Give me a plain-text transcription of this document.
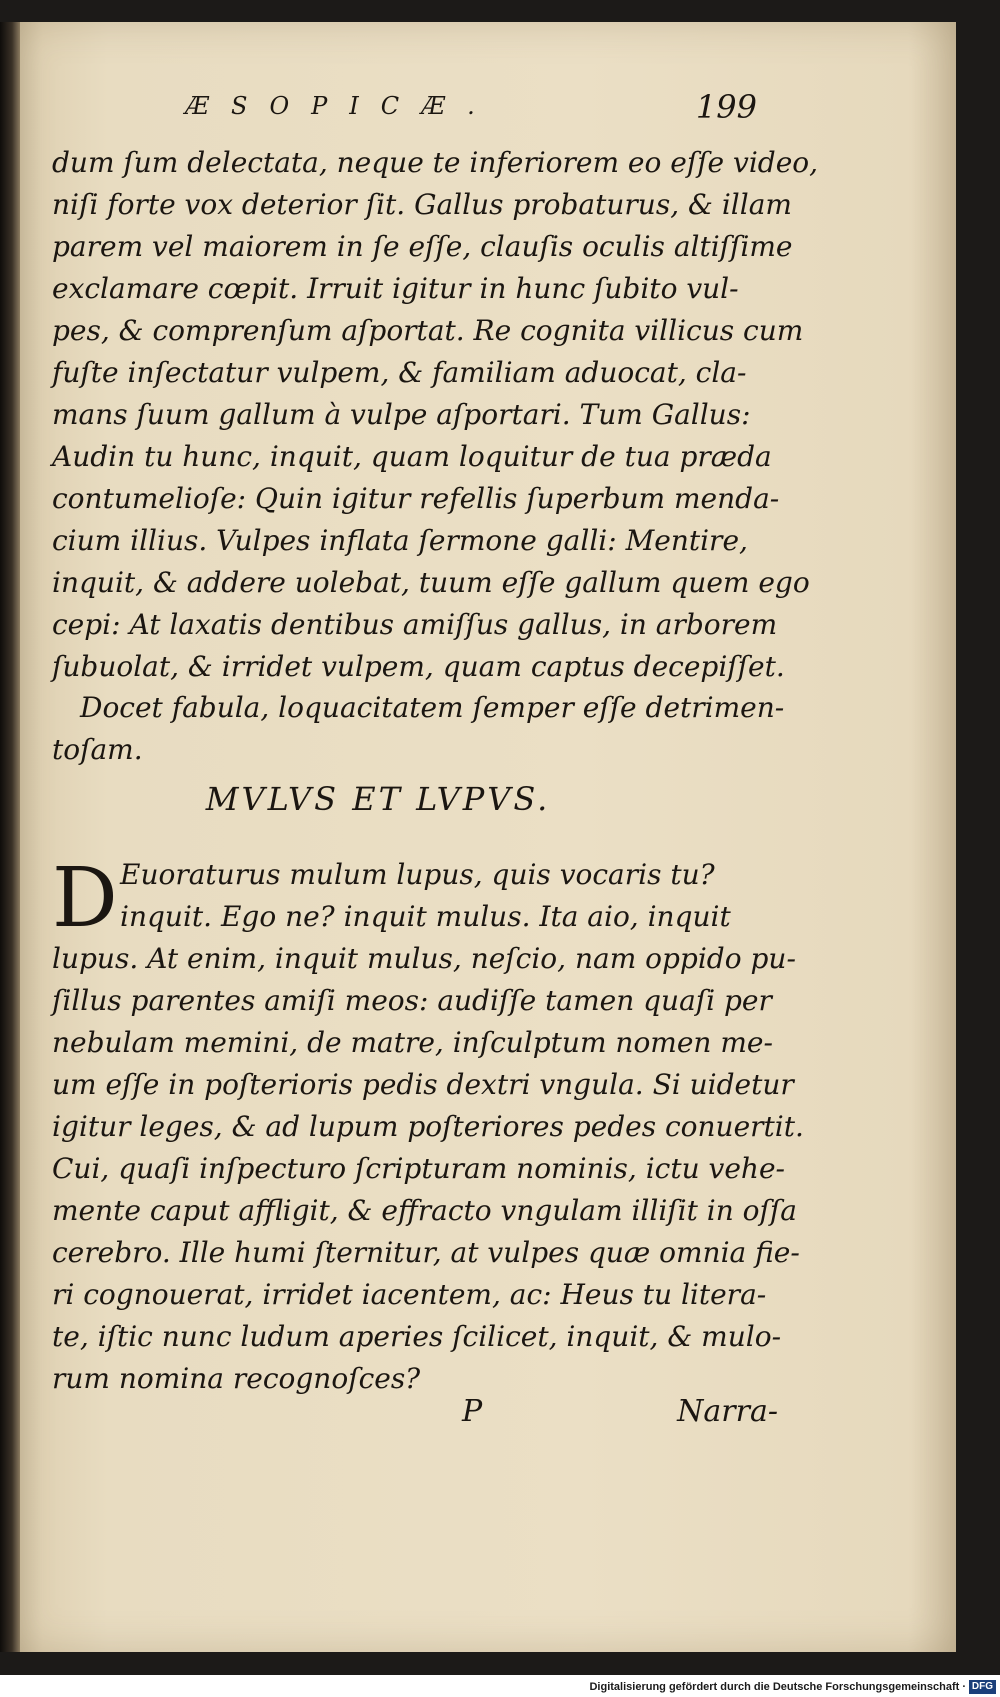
ÆSOPICÆ.	199
dum ſum delectata, neque te inferiorem eo eſſe video,
niſi forte vox deterior ſit. Gallus probaturus, & illam
parem vel maiorem in ſe eſſe, clauſis oculis altiſſime
exclamare cœpit. Irruit igitur in hunc ſubito vul-
pes, & comprenſum aſportat. Re cognita villicus cum
fuſte inſectatur vulpem, & familiam aduocat, cla-
mans ſuum gallum à vulpe aſportari. Tum Gallus:
Audin tu hunc, inquit, quam loquitur de tua præda
contumelioſe: Quin igitur refellis ſuperbum menda-
cium illius. Vulpes inflata ſermone galli: Mentire,
inquit, & addere uolebat, tuum eſſe gallum quem ego
cepi: At laxatis dentibus amiſſus gallus, in arborem
ſubuolat, & irridet vulpem, quam captus decepiſſet.
Docet fabula, loquacitatem ſemper eſſe detrimen-
toſam.
MVLVS ET LVPVS.
D Euoraturus mulum lupus, quis vocaris tu?
inquit. Ego ne? inquit mulus. Ita aio, inquit
lupus. At enim, inquit mulus, neſcio, nam oppido pu-
ſillus parentes amiſi meos: audiſſe tamen quaſi per
nebulam memini, de matre, inſculptum nomen me-
um eſſe in poſterioris pedis dextri vngula. Si uidetur
igitur leges, & ad lupum poſteriores pedes conuertit.
Cui, quaſi inſpecturo ſcripturam nominis, ictu vehe-
mente caput affligit, & effracto vngulam illiſit in oſſa
cerebro. Ille humi ſternitur, at vulpes quæ omnia fie-
ri cognouerat, irridet iacentem, ac: Heus tu litera-
te, iſtic nunc ludum aperies ſcilicet, inquit, & mulo-
rum nomina recognoſces?
P	Narra-
Digitalisierung gefördert durch die Deutsche Forschungsgemeinschaft · DFG
